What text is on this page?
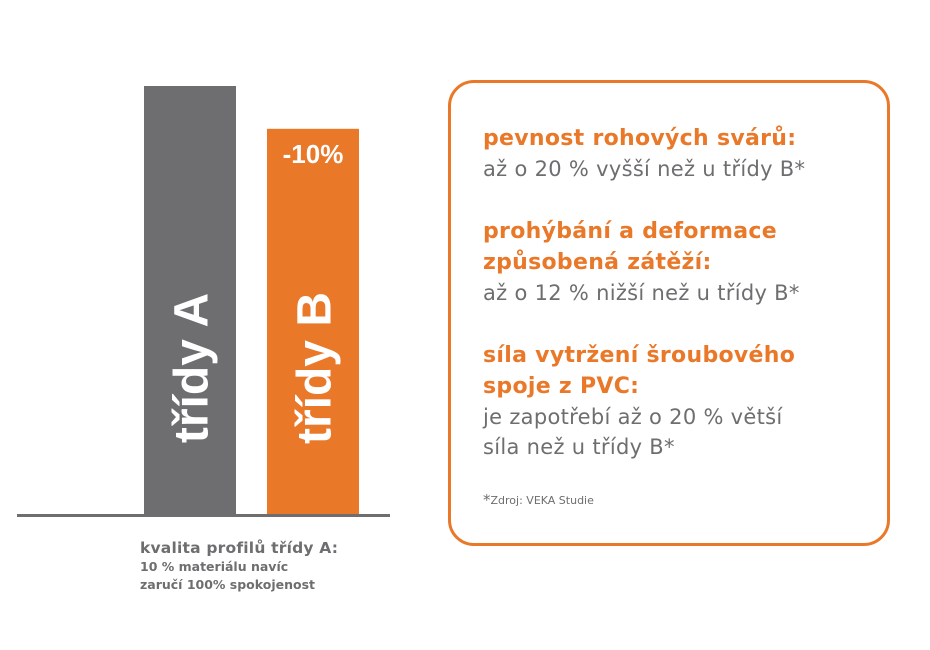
třídy A třídy B
-10%
kvalita profilů třídy A:
10 % materiálu navíc
zaručí 100% spokojenost
pevnost rohových svárů:
až o 20 % vyšší než u třídy B*
prohýbání a deformace
způsobená zátěží:
až o 12 % nižší než u třídy B*
síla vytržení šroubového
spoje z PVC:
je zapotřebí až o 20 % větší
síla než u třídy B*
*Zdroj: VEKA Studie
